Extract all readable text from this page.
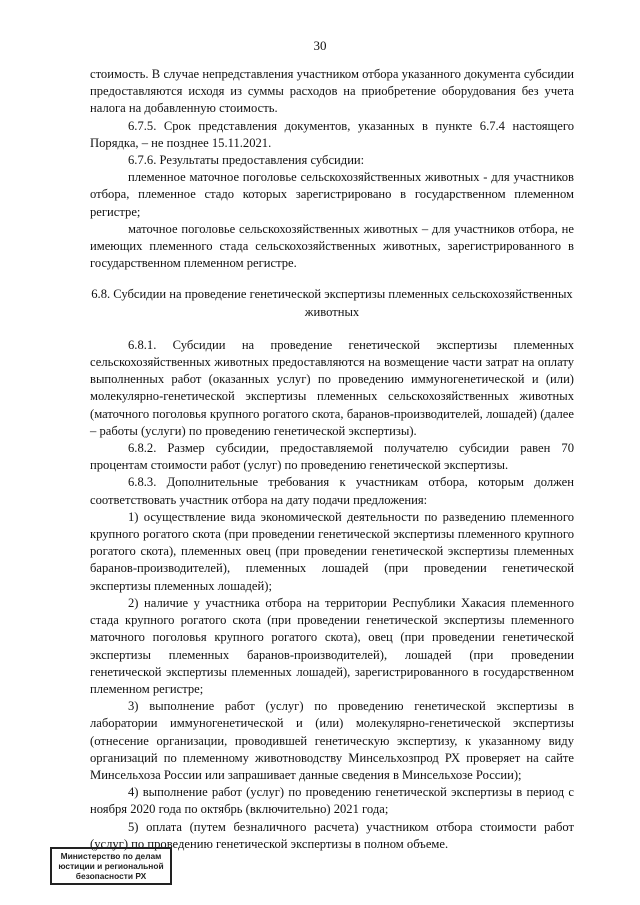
30

стоимость. В случае непредставления участником отбора указанного документа субсидии предоставляются исходя из суммы расходов на приобретение оборудования без учета налога на добавленную стоимость.

6.7.5. Срок представления документов, указанных в пункте 6.7.4 настоящего Порядка, – не позднее 15.11.2021.

6.7.6. Результаты предоставления субсидии:

племенное маточное поголовье сельскохозяйственных животных - для участников отбора, племенное стадо которых зарегистрировано в государственном племенном регистре;

маточное поголовье сельскохозяйственных животных – для участников отбора, не имеющих племенного стада сельскохозяйственных животных, зарегистрированного в государственном племенном регистре.

6.8. Субсидии на проведение генетической экспертизы племенных сельскохозяйственных животных

6.8.1. Субсидии на проведение генетической экспертизы племенных сельскохозяйственных животных предоставляются на возмещение части затрат на оплату выполненных работ (оказанных услуг) по проведению иммуногенетической и (или) молекулярно-генетической экспертизы племенных сельскохозяйственных животных (маточного поголовья крупного рогатого скота, баранов-производителей, лошадей) (далее – работы (услуги) по проведению генетической экспертизы).

6.8.2. Размер субсидии, предоставляемой получателю субсидии равен 70 процентам стоимости работ (услуг) по проведению генетической экспертизы.

6.8.3. Дополнительные требования к участникам отбора, которым должен соответствовать участник отбора на дату подачи предложения:

1) осуществление вида экономической деятельности по разведению племенного крупного рогатого скота (при проведении генетической экспертизы племенного крупного рогатого скота), племенных овец (при проведении генетической экспертизы племенных баранов-производителей), племенных лошадей (при проведении генетической экспертизы племенных лошадей);

2) наличие у участника отбора на территории Республики Хакасия племенного стада крупного рогатого скота (при проведении генетической экспертизы племенного маточного поголовья крупного рогатого скота), овец (при проведении генетической экспертизы племенных баранов-производителей), лошадей (при проведении генетической экспертизы племенных лошадей), зарегистрированного в государственном племенном регистре;

3) выполнение работ (услуг) по проведению генетической экспертизы в лаборатории иммуногенетической и (или) молекулярно-генетической экспертизы (отнесение организации, проводившей генетическую экспертизу, к указанному виду организаций по племенному животноводству Минсельхозпрод РХ проверяет на сайте Минсельхоза России или запрашивает данные сведения в Минсельхозе России);

4) выполнение работ (услуг) по проведению генетической экспертизы в период с ноября 2020 года по октябрь (включительно) 2021 года;

5) оплата (путем безналичного расчета) участником отбора стоимости работ (услуг) по проведению генетической экспертизы в полном объеме.

Министерство по делам
юстиции и региональной
безопасности РХ
